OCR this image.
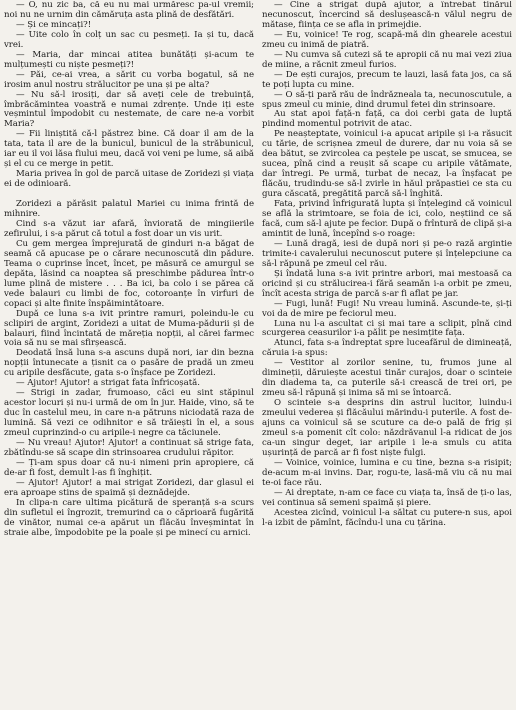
— O, nu zic ba, că eu nu mai urmăresc pa-ul vremii; noi nu ne urnim din cămăruța asta plină de desfătări.

— Și ce mincați?!

— Uite colo în colț un sac cu pesmeți. Ia și tu, dacă vrei.

— Maria, dar mincai atitea bunătăți și-acum te mulțumești cu niște pesmeți?!

— Păi, ce-ai vrea, a sărit cu vorba bogatul, să ne irosim anul nostru strălucitor pe una și pe alta?

— Nu să-l irosiți, dar să aveți cele de trebuință, îmbrăcămintea voastră e numai zdrențe. Unde iți este veșmintul împodobit cu nestemate, de care ne-a vorbit Maria?

— Fii liniștită că-l păstrez bine. Că doar il am de la tata, tata il are de la bunicul, bunicul de la străbunicul, iar eu il voi lăsa fiului meu, dacă voi veni pe lume, să aibă și el cu ce merge in petit.

Maria privea în gol de parcă uitase de Zoridezi și viața ei de odinioară.

Zoridezi a părăsit palatul Mariei cu inima frintă de mihnire.

Cind s-a văzut iar afară, înviorată de mingiierile zefirului, i s-a părut că totul a fost doar un vis urit.

Cu gem mergea împrejurată de ginduri n-a băgat de seamă că apucase pe o cărare necunoscută din pădure. Teama o cuprinse încet, încet, pe măsură ce amurgul se depăta, lăsind ca noaptea să preschimbe pădurea într-o lume plină de mistere . . . Ba ici, ba colo i se părea că vede balauri cu limbi de foc, cotoroanțe în virfuri de copaci și alte finite înspăimintătoare.

După ce luna s-a ivit printre ramuri, poleindu-le cu sclipiri de argint, Zoridezi a uitat de Muma-pădurii și de balauri, fiind încintată de măreția nopții, al cărei farmec voia să nu se mai sfirșească.

Deodată însă luna s-a ascuns după nori, iar din bezna nopții întunecate a țisnit ca o pasăre de pradă un zmeu cu aripile desfăcute, gata s-o înșface pe Zoridezi.

— Ajutor! Ajutor! a strigat fata înfricoșată.

— Strigi in zadar, frumoaso, căci eu sint stăpinul acestor locuri și nu-i urmă de om în jur. Haide, vino, să te duc în castelul meu, in care n-a pătruns niciodată raza de lumină. Să vezi ce odihnitor e să trăiești în el, a sous zmeul cuprinzind-o cu aripile-i negre ca tăciunele.

— Nu vreau! Ajutor! Ajutor! a continuat să strige fata, zbătîndu-se să scape din strinsoarea crudului răpitor.

— Ți-am spus doar că nu-i nimeni prin apropiere, că de-ar fi fost, demult l-as fi înghițit.

— Ajutor! Ajutor! a mai strigat Zoridezi, dar glasul ei era aproape stins de spaimă și deznădejde.

In clipa-n care ultima picătură de speranță s-a scurs din sufletul ei îngrozit, tremurind ca o căprioară fugărită de vinător, numai ce-a apărut un flăcău înveșmintat în straie albe, împodobite pe la poale și pe minecí cu arnici.

— Cine a strigat după ajutor, a întrebat tinărul necunoscut, încercind să deslușească-n vălul negru de mătase, ființa ce se afla in primejdie.

— Eu, voinice! Te rog, scapă-mă din ghearele acestui zmeu cu inimă de piatră.

— Nu cumva să cutezi să te apropii că nu mai vezi ziua de miine, a răcnit zmeul furios.

— De ești curajos, precum te lauzi, lasă fata jos, ca să te poți lupta cu mine.

— O să-ți pară rău de îndrăzneala ta, necunoscutule, a spus zmeul cu minie, dind drumul fetei din strinsoare.

Au stat apoi față-n față, ca doi cerbi gata de luptă pindind momentul potrivit de atac.

Pe neașteptate, voinicul i-a apucat aripile și i-a răsucit cu tărie, de scrișnea zmeul de durere, dar nu voia să se dea bătut, se zvircolea ca peștele pe uscat, se smucea, se sucea, pînă cind a reușit să scape cu aripile vătămate, dar întregi. Pe urmă, turbat de necaz, l-a înșfacat pe flăcău, trudindu-se să-l zvirle in hăul prăpastiei ce sta cu gura căscată, pregătită parcă să-l înghită.

Fata, privind înfrigurată lupta și înțelegind că voinicul se află la strimtoare, se foia de ici, colo, neștiind ce să facă, cum să-l ajute pe fecior. După o frîntură de clipă și-a amintit de lună, începînd s-o roage:

— Lună dragă, iesi de după nori și pe-o rază argintie trimite-i cavalerului necunoscut putere și înțelepciune ca să-l răpună pe zmeul cel rău.

Și îndată luna s-a ivit printre arbori, mai mestoasă ca oricind și cu strălucirea-i fără seamăn i-a orbit pe zmeu, încît acesta striga de parcă s-ar fi aflat pe jar.

— Fugi, lună! Fugi! Nu vreau lumină. Ascunde-te, și-ți voi da de mire pe feciorul meu.

Luna nu l-a ascultat ci și mai tare a sclipit, pînă cind scurgerea ceasurilor i-a pălit pe nesimțite fața.

Atunci, fata s-a îndreptat spre luceafărul de dimineață, căruia i-a spus:

— Vestitor al zorilor senine, tu, frumos june al dimineții, dăruiește acestui tinăr curajos, doar o scinteie din diadema ta, ca puterile să-i crească de trei ori, pe zmeu să-l răpună și inima să mi se întoarcă.

O scinteie s-a desprins din astrul lucitor, luindu-i zmeului vederea și flăcăului mărindu-i puterile. A fost de-ajuns ca voinicul să se scuture ca de-o pală de frig și zmeul s-a pomenit cît colo: năzdrăvanul l-a ridicat de jos ca-un singur deget, iar aripile i le-a smuls cu atita ușurință de parcă ar fi fost niște fulgi.

— Voinice, voinice, lumina e cu tine, bezna s-a risipit; de-acum m-ai invins. Dar, rogu-te, lasă-mă viu că nu mai te-oi face rău.

— Ai dreptate, n-am ce face cu viața ta, însă de ți-o las, vei continua să semeni spaimă și piere.

Acestea zicînd, voinicul l-a săltat cu putere-n sus, apoi l-a izbit de pămînt, făcîndu-l una cu țărina.
